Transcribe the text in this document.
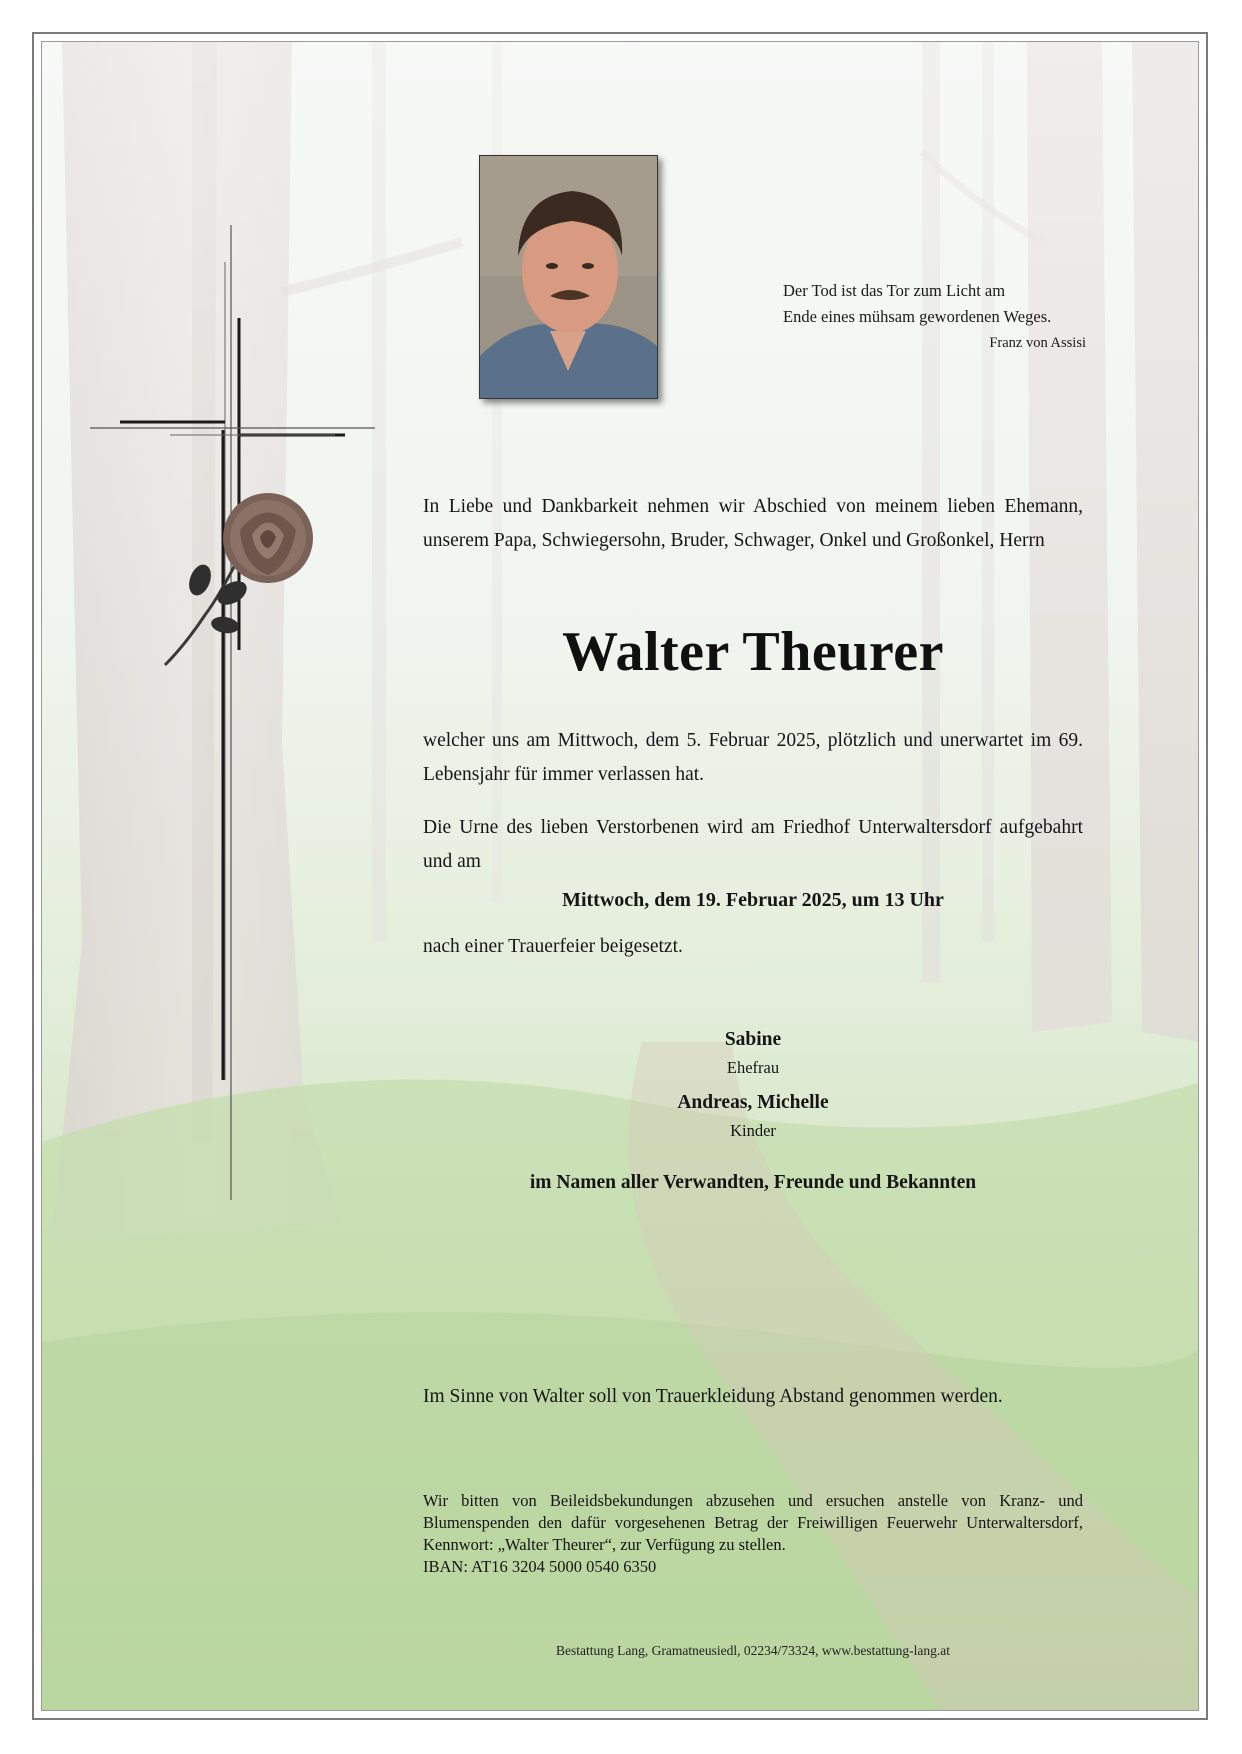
Der Tod ist das Tor zum Licht am
Ende eines mühsam gewordenen Weges.
Franz von Assisi
In Liebe und Dankbarkeit nehmen wir Abschied von meinem lieben Ehemann, unserem Papa, Schwiegersohn, Bruder, Schwager, Onkel und Großonkel, Herrn
Walter Theurer
welcher uns am Mittwoch, dem 5. Februar 2025, plötzlich und unerwartet im 69. Lebensjahr für immer verlassen hat.
Die Urne des lieben Verstorbenen wird am Friedhof Unterwaltersdorf aufgebahrt und am
Mittwoch, dem 19. Februar 2025, um 13 Uhr
nach einer Trauerfeier beigesetzt.
Sabine
Ehefrau
Andreas, Michelle
Kinder
im Namen aller Verwandten, Freunde und Bekannten
Im Sinne von Walter soll von Trauerkleidung Abstand genommen werden.
Wir bitten von Beileidsbekundungen abzusehen und ersuchen anstelle von Kranz- und Blumenspenden den dafür vorgesehenen Betrag der Freiwilligen Feuerwehr Unterwaltersdorf, Kennwort: „Walter Theurer“, zur Verfügung zu stellen.
IBAN: AT16 3204 5000 0540 6350
Bestattung Lang, Gramatneusiedl, 02234/73324, www.bestattung-lang.at
